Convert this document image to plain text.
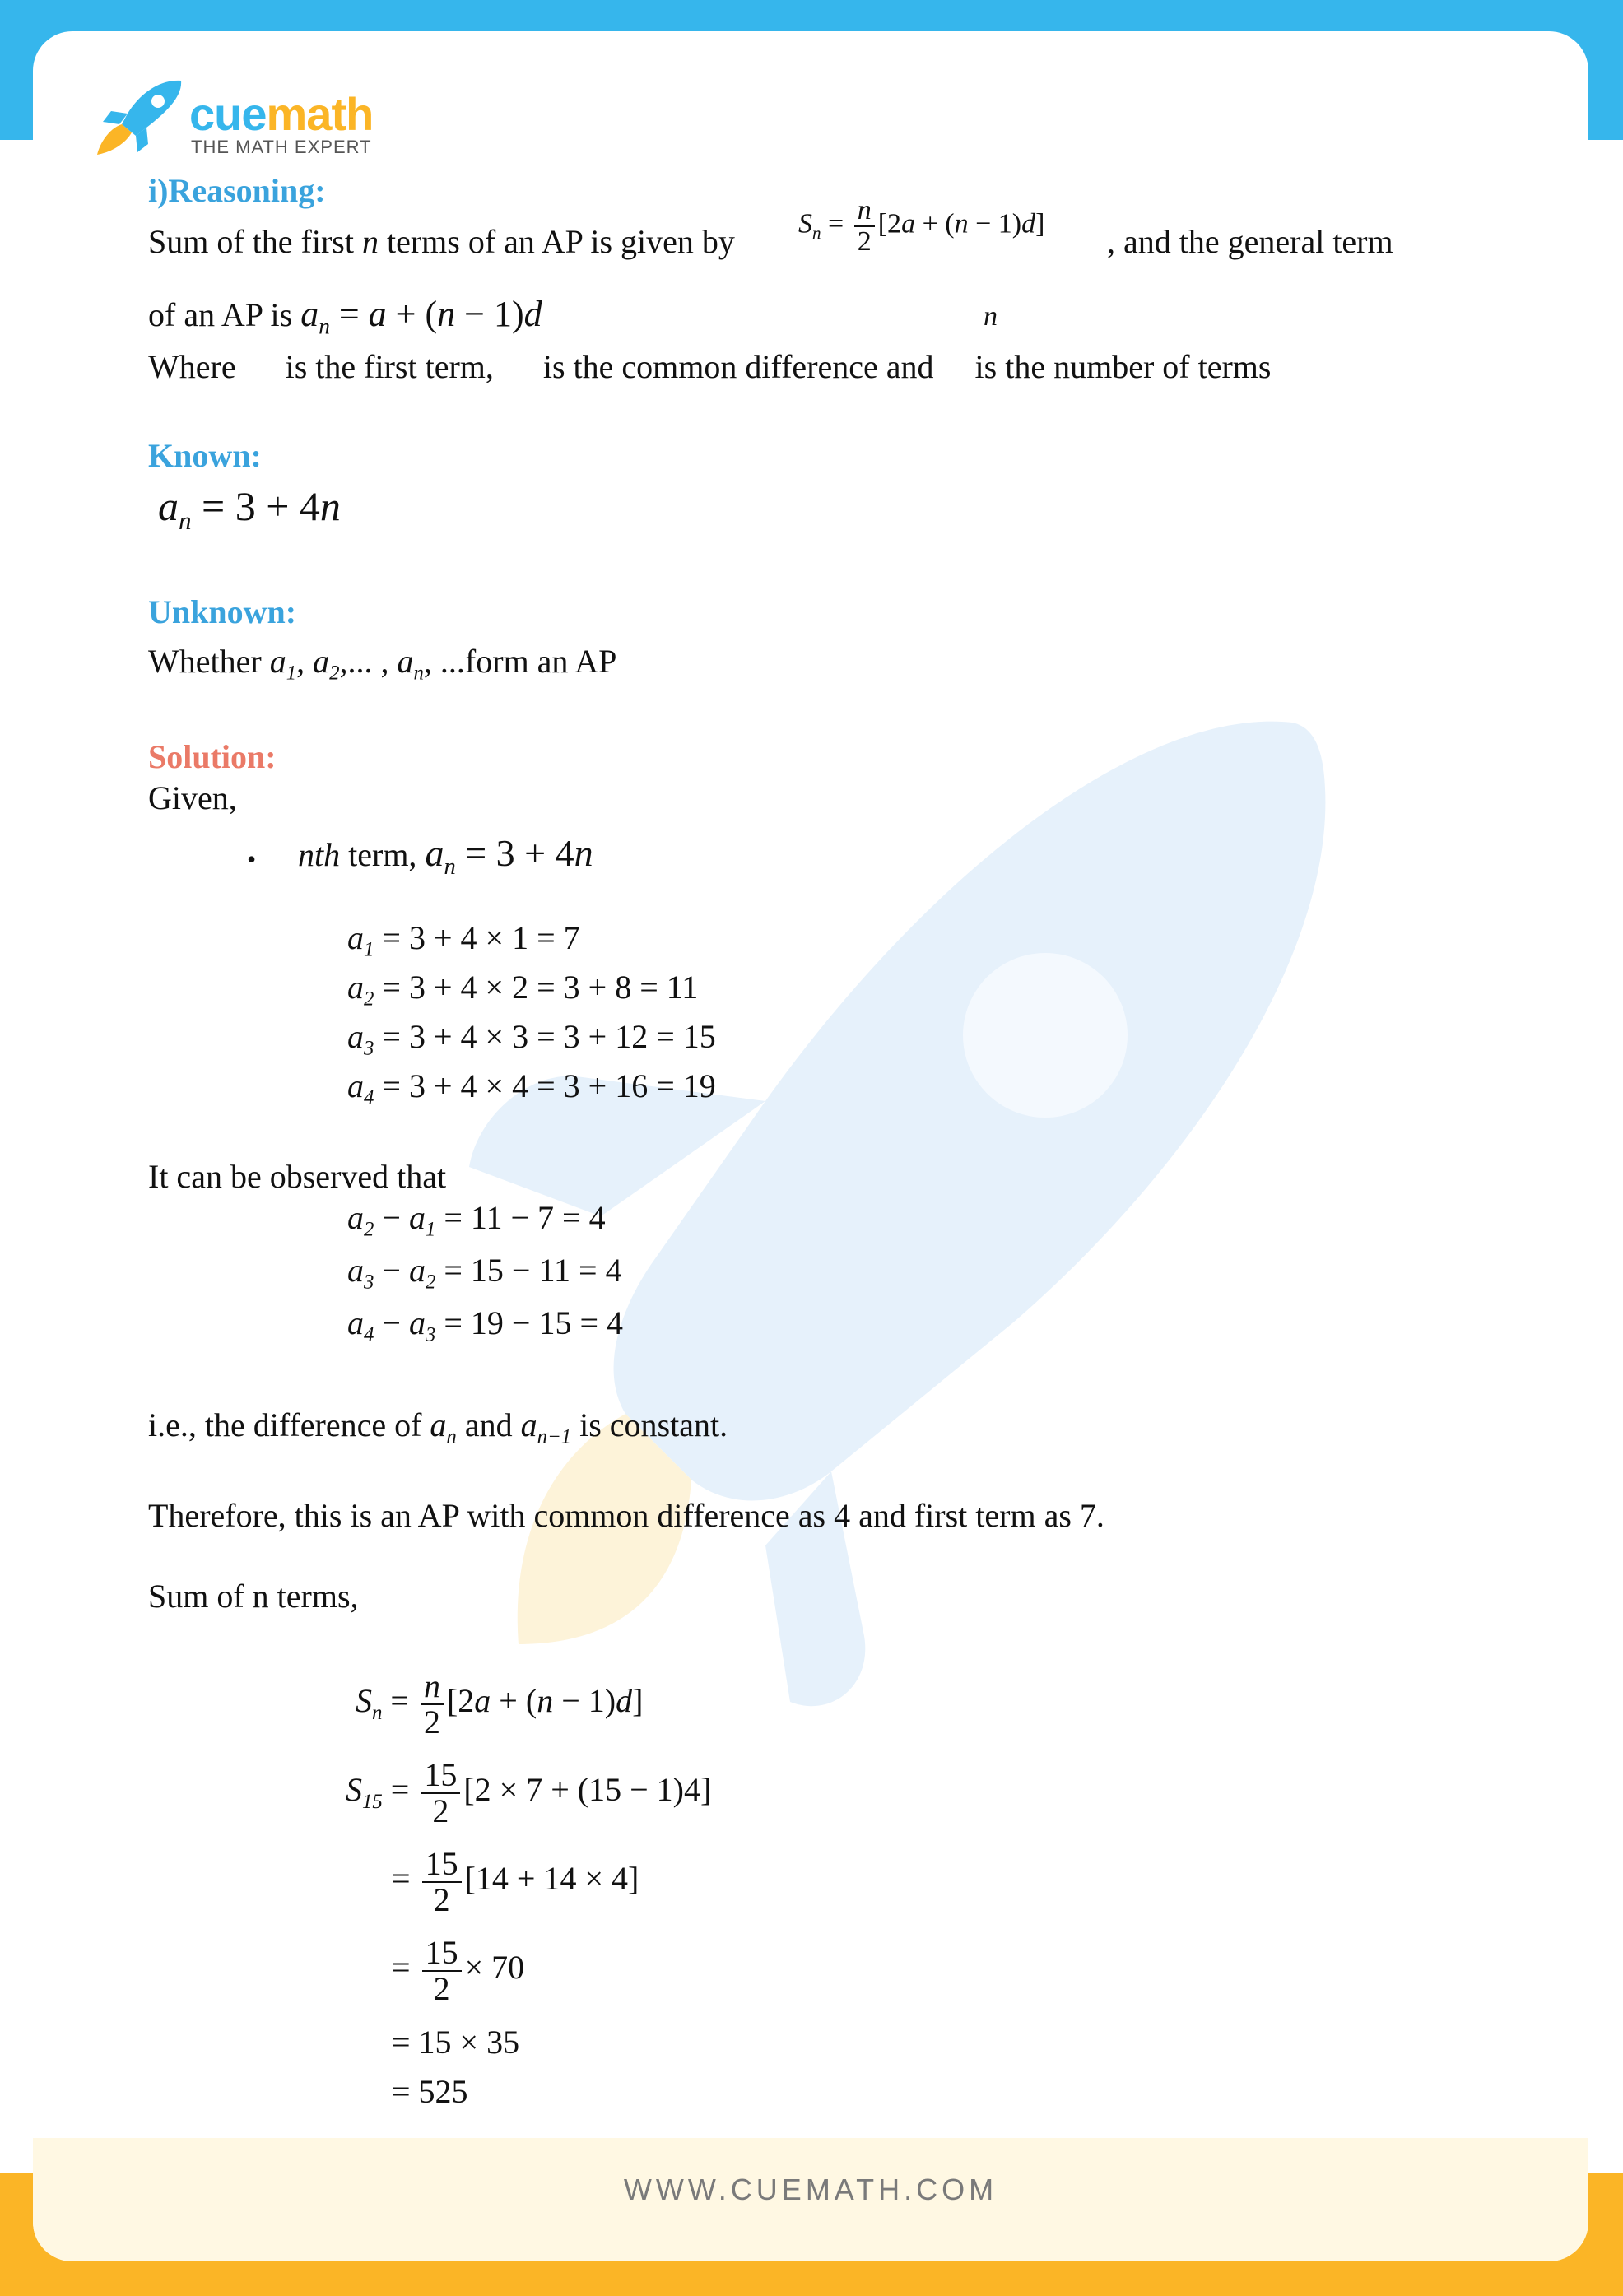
cuemath
THE MATH EXPERT
i)Reasoning:
Sum of the first n terms of an AP is given by $S_n = \frac{n}{2} [2a + (n - 1)d]$ , and the general term
of an AP is $a_n = a + (n - 1)d$	n
Where is the first term, is the common difference and is the number of terms
Known:
$a_n = 3 + 4n$
Unknown:
Whether $a_1$, $a_2$,... , $a_n$, ...form an AP
Solution:
Given,
• nth term, $a_n = 3 + 4n$
$a_1 = 3 + 4 \times 1 = 7$
$a_2 = 3 + 4 \times 2 = 3 + 8 = 11$
$a_3 = 3 + 4 \times 3 = 3 + 12 = 15$
$a_4 = 3 + 4 \times 4 = 3 + 16 = 19$
It can be observed that
$a_2 - a_1 = 11 - 7 = 4$
$a_3 - a_2 = 15 - 11 = 4$
$a_4 - a_3 = 19 - 15 = 4$
i.e., the difference of $a_n$ and $a_{n-1}$ is constant.
Therefore, this is an AP with common difference as 4 and first term as 7.
Sum of n terms,
$S_n = \frac{n}{2} [2a + (n - 1)d]$
$S_{15} = \frac{15}{2} [2 \times 7 + (15 - 1)4]$
= $\frac{15}{2} [14 + 14 \times 4]$
= $\frac{15}{2} \times 70$
= 15 × 35
= 525
WWW.CUEMATH.COM
